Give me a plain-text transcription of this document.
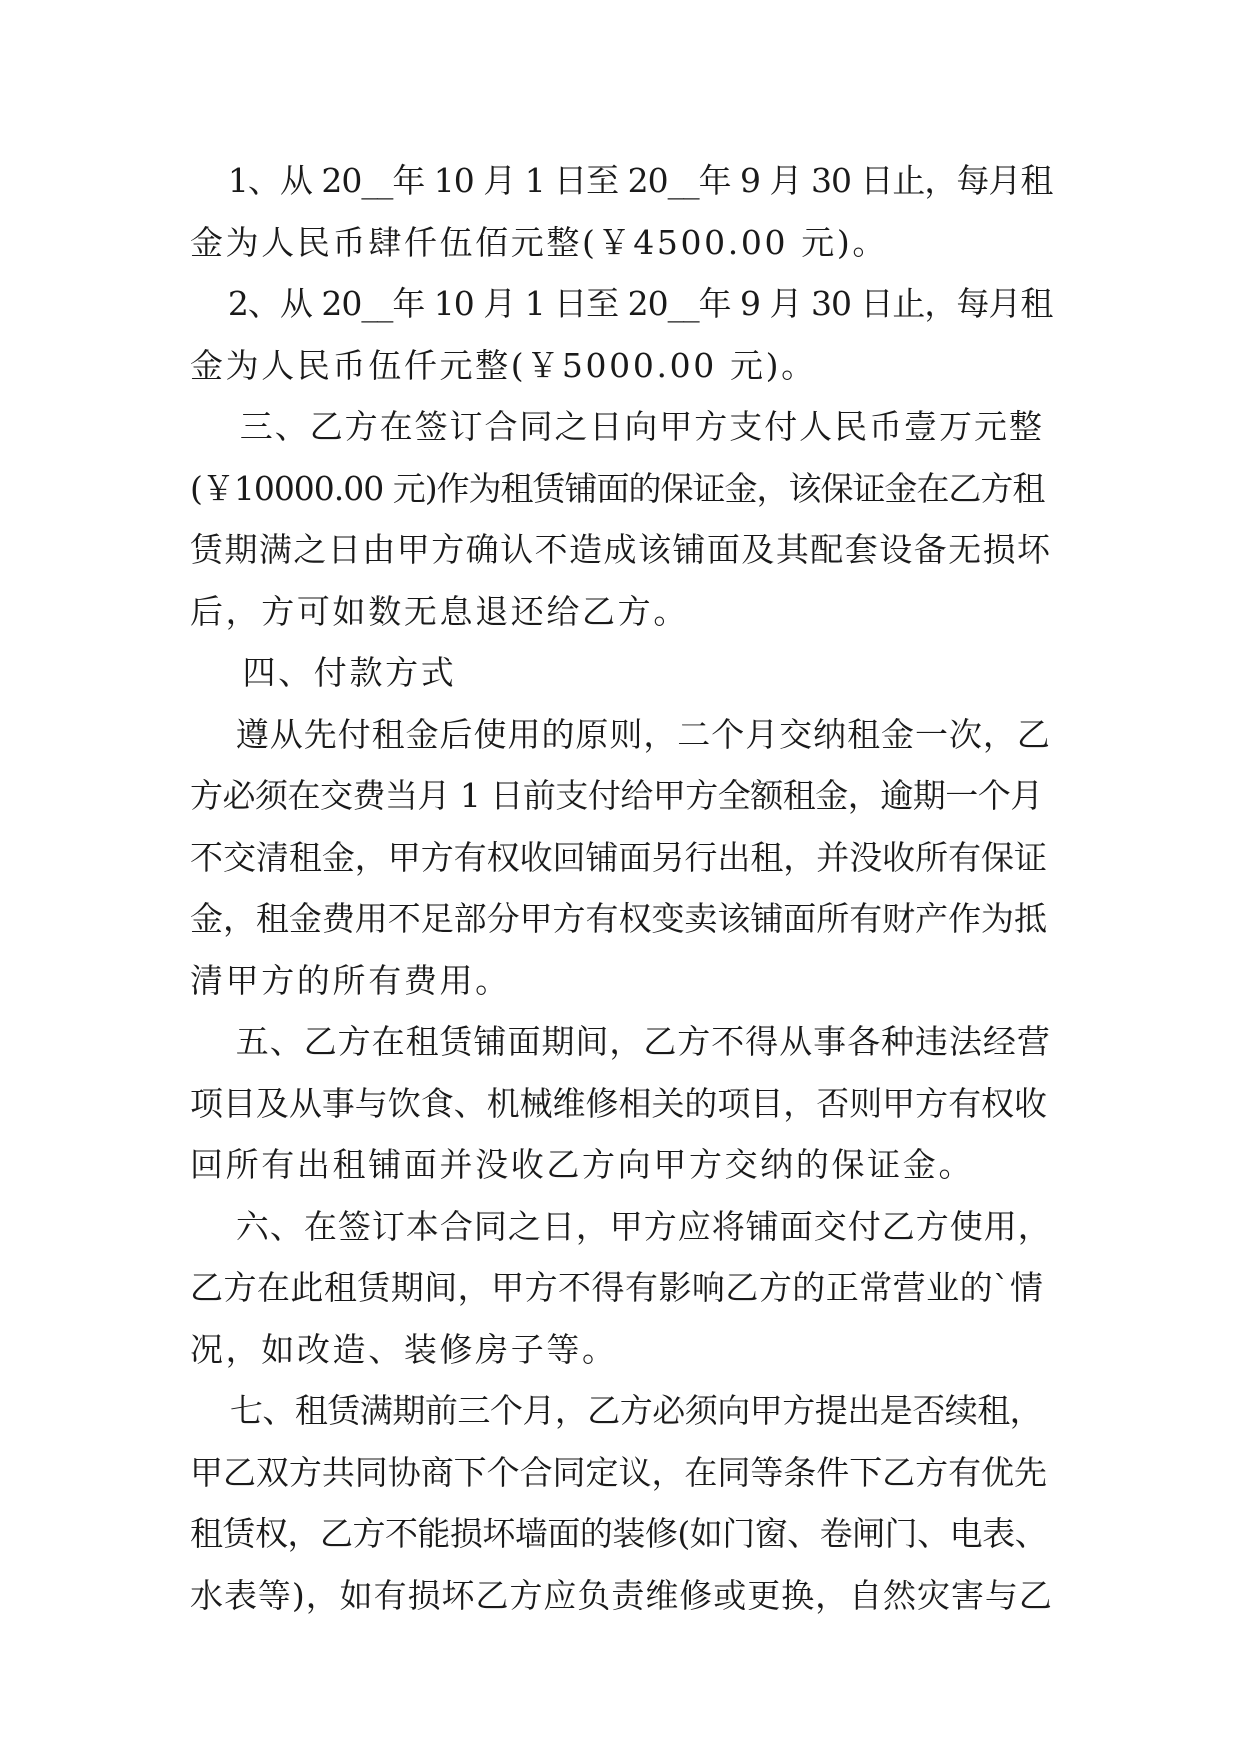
1、从 20__年 10 月 1 日至 20__年 9 月 30 日止，每月租
金为人民币肆仟伍佰元整(￥4500.00 元)。
2、从 20__年 10 月 1 日至 20__年 9 月 30 日止，每月租
金为人民币伍仟元整(￥5000.00 元)。
三、乙方在签订合同之日向甲方支付人民币壹万元整
(￥10000.00 元)作为租赁铺面的保证金，该保证金在乙方租
赁期满之日由甲方确认不造成该铺面及其配套设备无损坏
后，方可如数无息退还给乙方。
四、付款方式
遵从先付租金后使用的原则，二个月交纳租金一次，乙
方必须在交费当月 1 日前支付给甲方全额租金，逾期一个月
不交清租金，甲方有权收回铺面另行出租，并没收所有保证
金，租金费用不足部分甲方有权变卖该铺面所有财产作为抵
清甲方的所有费用。
五、乙方在租赁铺面期间，乙方不得从事各种违法经营
项目及从事与饮食、机械维修相关的项目，否则甲方有权收
回所有出租铺面并没收乙方向甲方交纳的保证金。
六、在签订本合同之日，甲方应将铺面交付乙方使用，
乙方在此租赁期间，甲方不得有影响乙方的正常营业的`情
况，如改造、装修房子等。
七、租赁满期前三个月，乙方必须向甲方提出是否续租，
甲乙双方共同协商下个合同定议，在同等条件下乙方有优先
租赁权，乙方不能损坏墙面的装修(如门窗、卷闸门、电表、
水表等)，如有损坏乙方应负责维修或更换，自然灾害与乙
